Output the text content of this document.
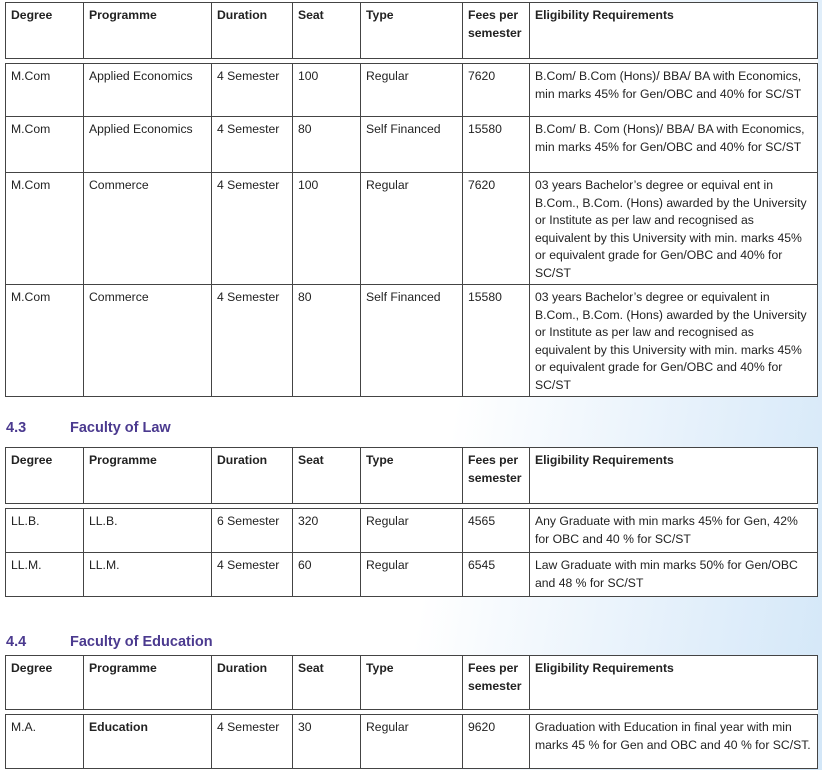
Degree	Programme	Duration	Seat	Type	Fees per semester	Eligibility Requirements

M.Com	Applied Economics	4 Semester	100	Regular	7620	B.Com/ B.Com (Hons)/ BBA/ BA with Economics, min marks 45% for Gen/OBC and 40% for SC/ST
M.Com	Applied Economics	4 Semester	80	Self Financed	15580	B.Com/ B. Com (Hons)/ BBA/ BA with Economics, min marks 45% for Gen/OBC and 40% for SC/ST
M.Com	Commerce	4 Semester	100	Regular	7620	03 years Bachelor’s degree or equival ent in B.Com., B.Com. (Hons) awarded by the University or Institute as per law and recognised as equivalent by this University with min. marks 45% or equivalent grade for Gen/OBC and 40% for SC/ST
M.Com	Commerce	4 Semester	80	Self Financed	15580	03 years Bachelor’s degree or equivalent in B.Com., B.Com. (Hons) awarded by the University or Institute as per law and recognised as equivalent by this University with min. marks 45% or equivalent grade for Gen/OBC and 40% for SC/ST
4.3	Faculty of Law
Degree	Programme	Duration	Seat	Type	Fees per semester	Eligibility Requirements

LL.B.	LL.B.	6 Semester	320	Regular	4565	Any Graduate with min marks 45% for Gen, 42% for OBC and 40 % for SC/ST
LL.M.	LL.M.	4 Semester	60	Regular	6545	Law Graduate with min marks 50% for Gen/OBC and 48 % for SC/ST
4.4	Faculty of Education
Degree	Programme	Duration	Seat	Type	Fees per semester	Eligibility Requirements

M.A.	Education	4 Semester	30	Regular	9620	Graduation with Education in final year with min marks 45 % for Gen and OBC and 40 % for SC/ST.
